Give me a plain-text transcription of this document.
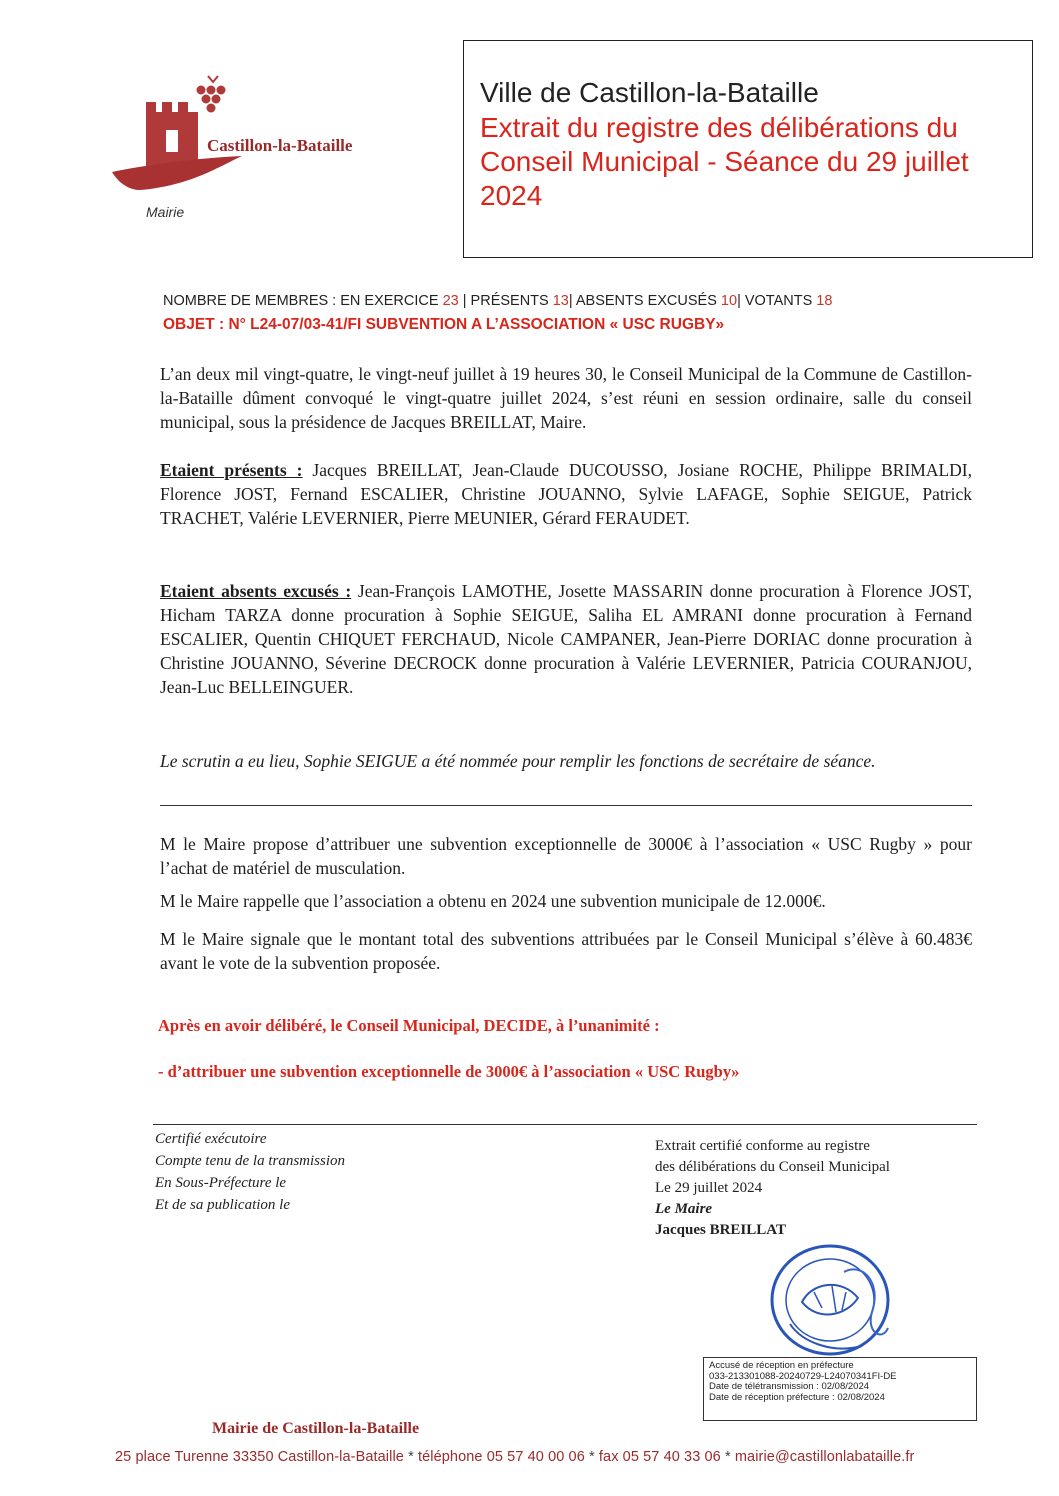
Castillon-la-Bataille
Mairie
Ville de Castillon-la-Bataille
Extrait du registre des délibérations du
Conseil Municipal - Séance du 29 juillet
2024
NOMBRE DE MEMBRES : EN EXERCICE 23 | PRÉSENTS 13| ABSENTS EXCUSÉS 10| VOTANTS 18
OBJET : N° L24-07/03-41/FI SUBVENTION A L’ASSOCIATION « USC RUGBY»
L’an deux mil vingt-quatre, le vingt-neuf juillet à 19 heures 30, le Conseil Municipal de la Commune de Castillon-la-Bataille dûment convoqué le vingt-quatre juillet 2024, s’est réuni en session ordinaire, salle du conseil municipal, sous la présidence de Jacques BREILLAT, Maire.
Etaient présents : Jacques BREILLAT, Jean-Claude DUCOUSSO, Josiane ROCHE, Philippe BRIMALDI, Florence JOST, Fernand ESCALIER, Christine JOUANNO, Sylvie LAFAGE, Sophie SEIGUE, Patrick TRACHET, Valérie LEVERNIER, Pierre MEUNIER, Gérard FERAUDET.
Etaient absents excusés : Jean-François LAMOTHE, Josette MASSARIN donne procuration à Florence JOST, Hicham TARZA donne procuration à Sophie SEIGUE, Saliha EL AMRANI donne procuration à Fernand ESCALIER, Quentin CHIQUET FERCHAUD, Nicole CAMPANER, Jean-Pierre DORIAC donne procuration à Christine JOUANNO, Séverine DECROCK donne procuration à Valérie LEVERNIER, Patricia COURANJOU, Jean-Luc BELLEINGUER.
Le scrutin a eu lieu, Sophie SEIGUE a été nommée pour remplir les fonctions de secrétaire de séance.
M le Maire propose d’attribuer une subvention exceptionnelle de 3000€ à l’association « USC Rugby » pour l’achat de matériel de musculation.
M le Maire rappelle que l’association a obtenu en 2024 une subvention municipale de 12.000€.
M le Maire signale que le montant total des subventions attribuées par le Conseil Municipal s’élève à 60.483€ avant le vote de la subvention proposée.
Après en avoir délibéré, le Conseil Municipal, DECIDE, à l’unanimité :
- d’attribuer une subvention exceptionnelle de 3000€ à l’association « USC Rugby»
Certifié exécutoire
Compte tenu de la transmission
En Sous-Préfecture le
Et de sa publication le
Extrait certifié conforme au registre
des délibérations du Conseil Municipal
Le 29 juillet 2024
Le Maire
Jacques BREILLAT
Accusé de réception en préfecture
033-213301088-20240729-L24070341FI-DE
Date de télétransmission : 02/08/2024
Date de réception préfecture : 02/08/2024
Mairie de Castillon-la-Bataille
25 place Turenne 33350 Castillon-la-Bataille * téléphone 05 57 40 00 06 * fax 05 57 40 33 06 * mairie@castillonlabataille.fr
